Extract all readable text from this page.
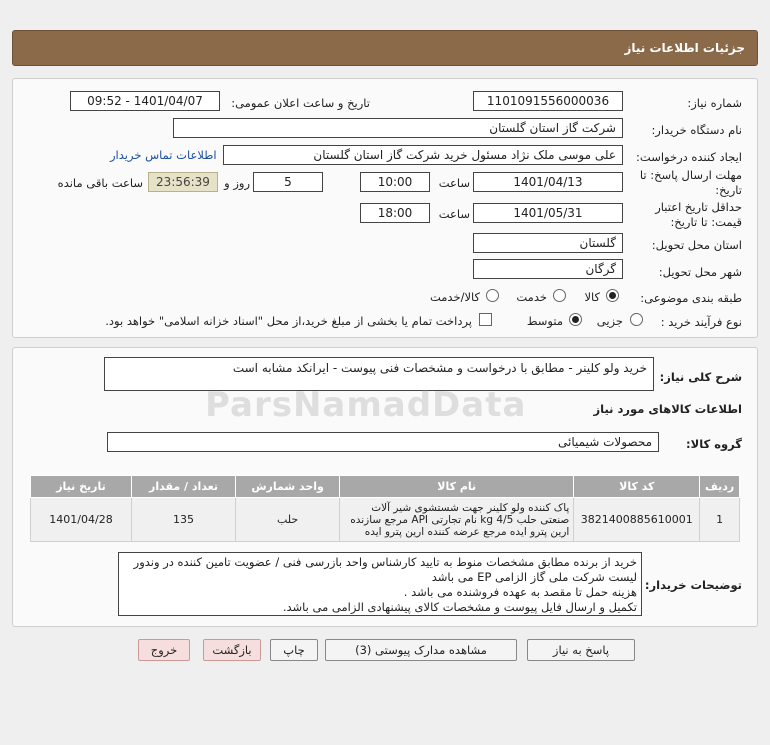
جزئیات اطلاعات نیاز
شماره نیاز:
1101091556000036
تاریخ و ساعت اعلان عمومی:
1401/04/07 - 09:52
نام دستگاه خریدار:
شرکت گاز استان گلستان
ایجاد کننده درخواست:
علی موسی ملک نژاد مسئول خرید شرکت گاز استان گلستان
اطلاعات تماس خریدار
مهلت ارسال پاسخ: تا
تاریخ:
1401/04/13
ساعت
10:00
5
روز و
23:56:39
ساعت باقی مانده
حداقل تاریخ اعتبار
قیمت: تا تاریخ:
1401/05/31
ساعت
18:00
استان محل تحویل:
گلستان
شهر محل تحویل:
گرگان
طبقه بندی موضوعی:
کالا
خدمت
کالا/خدمت
نوع فرآیند خرید :
جزیی
متوسط
پرداخت تمام یا بخشی از مبلغ خرید،از محل "اسناد خزانه اسلامی" خواهد بود.
شرح کلی نیاز:
خرید ولو کلینر - مطابق با درخواست و مشخصات فنی پیوست - ایرانکد مشابه است
ParsNamadData	اطلاعات کالاهای مورد نیاز
گروه کالا:
محصولات شیمیائی
ردیف	کد کالا	نام کالا	واحد شمارش	تعداد / مقدار	تاریخ نیاز
1	3821400885610001	پاک کننده ولو کلینر جهت شستشوی شیر آلات صنعتی حلب 4/5 kg نام تجارتی API مرجع سازنده ارین پترو ایده مرجع عرضه کننده ارین پترو ایده	حلب	135	1401/04/28
توضیحات خریدار:
خرید از برنده مطابق مشخصات منوط به تایید کارشناس واحد بازرسی فنی / عضویت تامین کننده در وندور
لیست شرکت ملی گاز الزامی EP می باشد
هزینه حمل تا مقصد به عهده فروشنده می باشد .
تکمیل و ارسال فایل پیوست و مشخصات کالای پیشنهادی الزامی می باشد.
پاسخ به نیاز
مشاهده مدارک پیوستی (3)
چاپ
بازگشت
خروج
